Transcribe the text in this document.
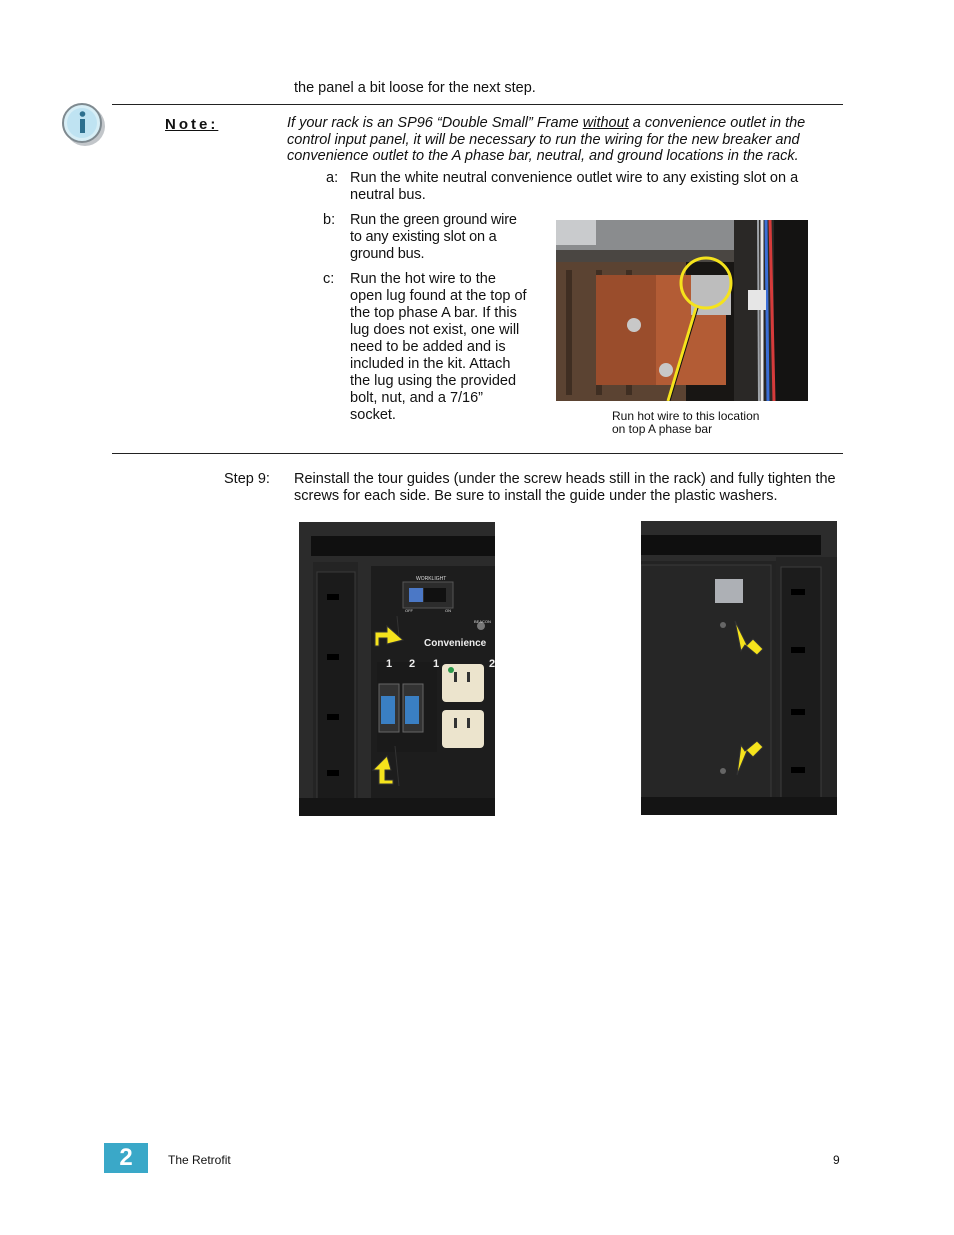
the panel a bit loose for the next step.
Note:	If your rack is an SP96 “Double Small” Frame without a convenience outlet in the control input panel, it will be necessary to run the wiring for the new breaker and convenience outlet to the A phase bar, neutral, and ground locations in the rack.
a: Run the white neutral convenience outlet wire to any existing slot on a neutral bus.
b: Run the green ground wire to any existing slot on a ground bus.
c: Run the hot wire to the open lug found at the top of the top phase A bar. If this lug does not exist, one will need to be added and is included in the kit. Attach the lug using the provided bolt, nut, and a 7/16” socket.	Run hot wire to this location
on top A phase bar
Step 9: Reinstall the tour guides (under the screw heads still in the rack) and fully tighten the screws for each side. Be sure to install the guide under the plastic washers.
WORKLIGHT
OFF	ON
BEACON
Convenience
1 2 1	2
2	The Retrofit	9
